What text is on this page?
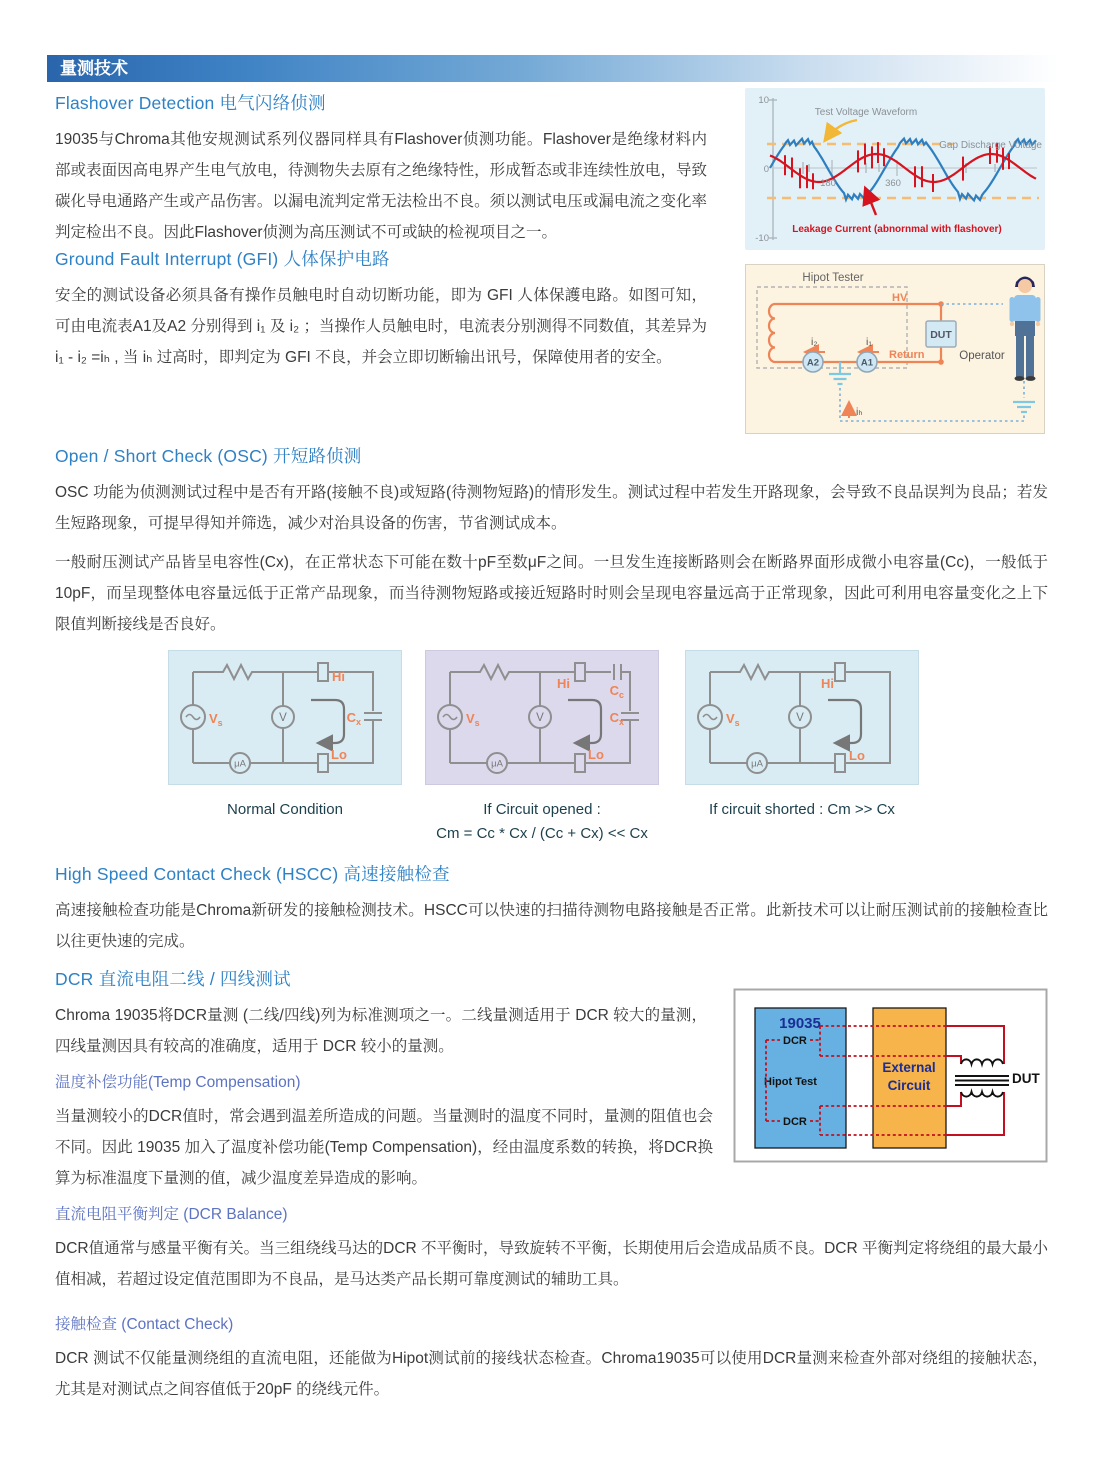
量测技术
Flashover Detection 电气闪络侦测
19035与Chroma其他安规测试系列仪器同样具有Flashover侦测功能。Flashover是绝缘材料内部或表面因高电界产生电气放电，待测物失去原有之绝缘特性，形成暂态或非连续性放电，导致碳化导电通路产生或产品伤害。以漏电流判定常无法检出不良。须以测试电压或漏电流之变化率判定检出不良。因此Flashover侦测为高压测试不可或缺的检视项目之一。
10
0
-10
180	360
Test Voltage Waveform
Gap Discharge Voltage
Leakage Current (abnornmal with flashover)
Ground Fault Interrupt (GFI) 人体保护电路
安全的测试设备必须具备有操作员触电时自动切断功能，即为 GFI 人体保護电路。如图可知，可由电流表A1及A2 分别得到 i₁ 及 i₂ ；当操作人员触电时，电流表分别测得不同数值，其差异为 i₁ - i₂ =iₕ , 当 iₕ 过高时，即判定为 GFI 不良，并会立即切断输出讯号，保障使用者的安全。
Hipot Tester
A2	A1
i₂	i₁
HV
Return
DUT
iₕ
Operator
Open / Short Check (OSC) 开短路侦测
OSC 功能为侦测测试过程中是否有开路(接触不良)或短路(待测物短路)的情形发生。测试过程中若发生开路现象，会导致不良品误判为良品；若发生短路现象，可提早得知并筛选，减少对治具设备的伤害，节省测试成本。
一般耐压测试产品皆呈电容性(Cx)，在正常状态下可能在数十pF至数μF之间。一旦发生连接断路则会在断路界面形成微小电容量(Cc)，一般低于10pF，而呈现整体电容量远低于正常产品现象，而当待测物短路或接近短路时时则会呈现电容量远高于正常现象，因此可利用电容量变化之上下限值判断接线是否良好。
$V_s$	V
μA
Hi
Lo
$C_x$
Normal Condition
$V_s$	V
μA
Hi
Lo
$C_c$
$C_x$
If Circuit opened :
Cm = Cc * Cx / (Cc + Cx) << Cx
$V_s$	V
μA
Hi
Lo
If circuit shorted : Cm >> Cx
High Speed Contact Check (HSCC) 高速接触检查
高速接触检查功能是Chroma新研发的接触检测技术。HSCC可以快速的扫描待测物电路接触是否正常。此新技术可以让耐压测试前的接触检查比以往更快速的完成。
DCR 直流电阻二线 / 四线测试
Chroma 19035将DCR量测 (二线/四线)列为标准测项之一。二线量测适用于 DCR 较大的量测，四线量测因具有较高的准确度，适用于 DCR 较小的量测。
19035
DCR
Hipot Test
DCR
External
Circuit	DUT
温度补偿功能(Temp Compensation)
当量测较小的DCR值时，常会遇到温差所造成的问题。当量测时的温度不同时，量测的阻值也会不同。因此 19035 加入了温度补偿功能(Temp Compensation)，经由温度系数的转换，将DCR换算为标准温度下量测的值，减少温度差异造成的影响。
直流电阻平衡判定 (DCR Balance)
DCR值通常与感量平衡有关。当三组绕线马达的DCR 不平衡时，导致旋转不平衡，长期使用后会造成品质不良。DCR 平衡判定将绕组的最大最小值相减，若超过设定值范围即为不良品，是马达类产品长期可靠度测试的辅助工具。
接触检查 (Contact Check)
DCR 测试不仅能量测绕组的直流电阻，还能做为Hipot测试前的接线状态检查。Chroma19035可以使用DCR量测来检查外部对绕组的接触状态，尤其是对测试点之间容值低于20pF 的绕线元件。
